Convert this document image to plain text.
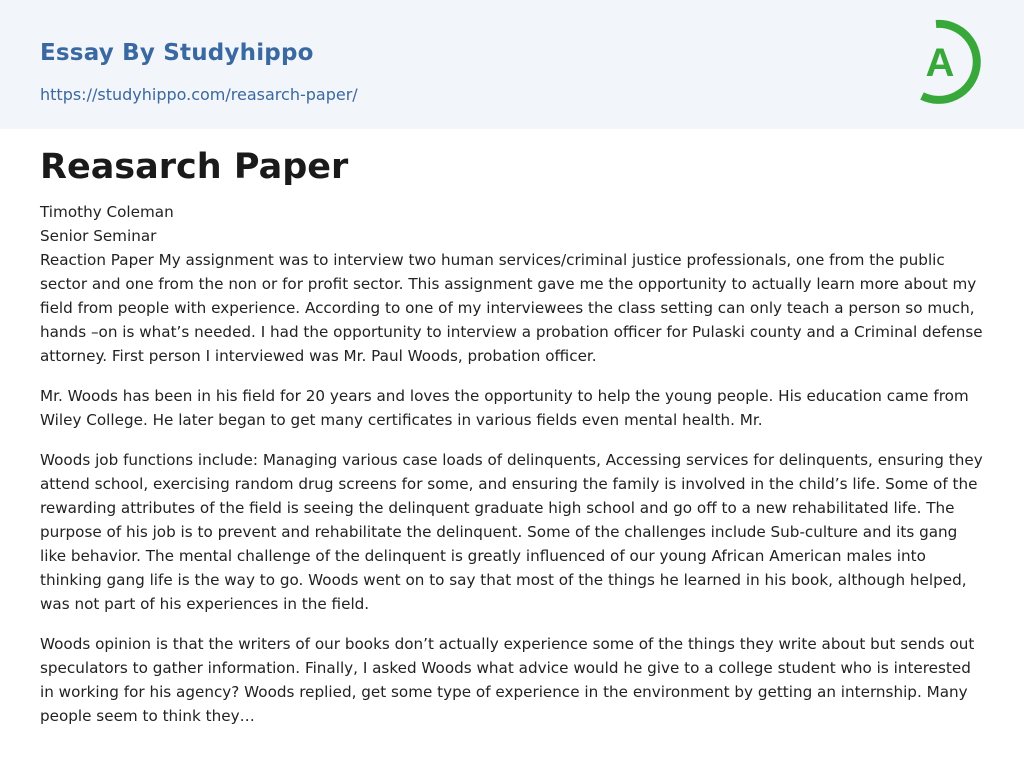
Essay By Studyhippo
https://studyhippo.com/reasarch-paper/
A
Reasarch Paper
Timothy Coleman
Senior Seminar

Reaction Paper My assignment was to interview two human services/criminal justice professionals, one from the public sector and one from the non or for profit sector. This assignment gave me the opportunity to actually learn more about my field from people with experience. According to one of my interviewees the class setting can only teach a person so much, hands –on is what’s needed. I had the opportunity to interview a probation officer for Pulaski county and a Criminal defense attorney. First person I interviewed was Mr. Paul Woods, probation officer.

Mr. Woods has been in his field for 20 years and loves the opportunity to help the young people. His education came from Wiley College. He later began to get many certificates in various fields even mental health. Mr.

Woods job functions include: Managing various case loads of delinquents, Accessing services for delinquents, ensuring they attend school, exercising random drug screens for some, and ensuring the family is involved in the child’s life. Some of the rewarding attributes of the field is seeing the delinquent graduate high school and go off to a new rehabilitated life. The purpose of his job is to prevent and rehabilitate the delinquent. Some of the challenges include Sub-culture and its gang like behavior. The mental challenge of the delinquent is greatly influenced of our young African American males into thinking gang life is the way to go. Woods went on to say that most of the things he learned in his book, although helped, was not part of his experiences in the field.

Woods opinion is that the writers of our books don’t actually experience some of the things they write about but sends out speculators to gather information. Finally, I asked Woods what advice would he give to a college student who is interested in working for his agency? Woods replied, get some type of experience in the environment by getting an internship. Many people seem to think they…
